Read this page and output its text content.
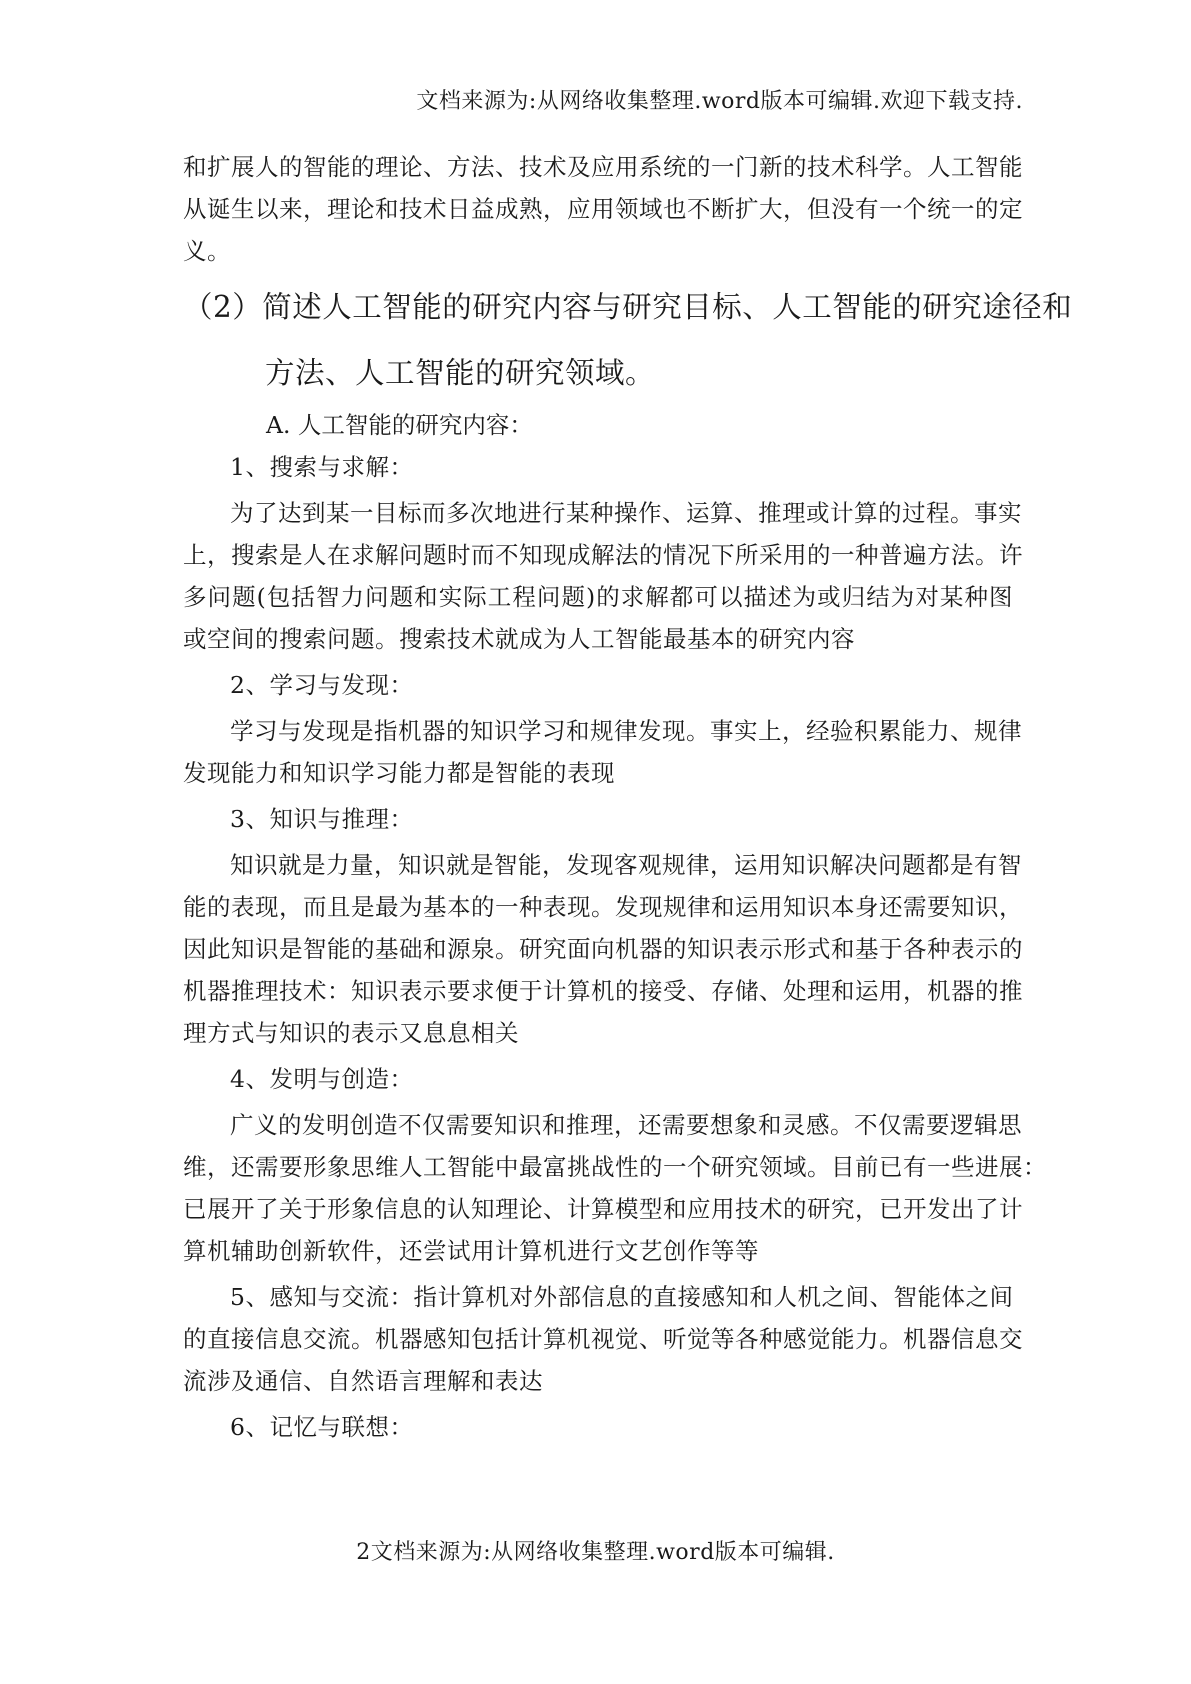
文档来源为:从网络收集整理.word版本可编辑.欢迎下载支持.
和扩展人的智能的理论、方法、技术及应用系统的一门新的技术科学。人工智能
从诞生以来，理论和技术日益成熟，应用领域也不断扩大，但没有一个统一的定
义。
（2）简述人工智能的研究内容与研究目标、人工智能的研究途径和
方法、人工智能的研究领域。
A. 人工智能的研究内容：
1、搜索与求解：
为了达到某一目标而多次地进行某种操作、运算、推理或计算的过程。事实
上，搜索是人在求解问题时而不知现成解法的情况下所采用的一种普遍方法。许
多问题(包括智力问题和实际工程问题)的求解都可以描述为或归结为对某种图
或空间的搜索问题。搜索技术就成为人工智能最基本的研究内容
2、学习与发现：
学习与发现是指机器的知识学习和规律发现。事实上，经验积累能力、规律
发现能力和知识学习能力都是智能的表现
3、知识与推理：
知识就是力量，知识就是智能，发现客观规律，运用知识解决问题都是有智
能的表现，而且是最为基本的一种表现。发现规律和运用知识本身还需要知识，
因此知识是智能的基础和源泉。研究面向机器的知识表示形式和基于各种表示的
机器推理技术：知识表示要求便于计算机的接受、存储、处理和运用，机器的推
理方式与知识的表示又息息相关
4、发明与创造：
广义的发明创造不仅需要知识和推理，还需要想象和灵感。不仅需要逻辑思
维，还需要形象思维人工智能中最富挑战性的一个研究领域。目前已有一些进展：
已展开了关于形象信息的认知理论、计算模型和应用技术的研究，已开发出了计
算机辅助创新软件，还尝试用计算机进行文艺创作等等
5、感知与交流：指计算机对外部信息的直接感知和人机之间、智能体之间
的直接信息交流。机器感知包括计算机视觉、听觉等各种感觉能力。机器信息交
流涉及通信、自然语言理解和表达
6、记忆与联想：
2文档来源为:从网络收集整理.word版本可编辑.
